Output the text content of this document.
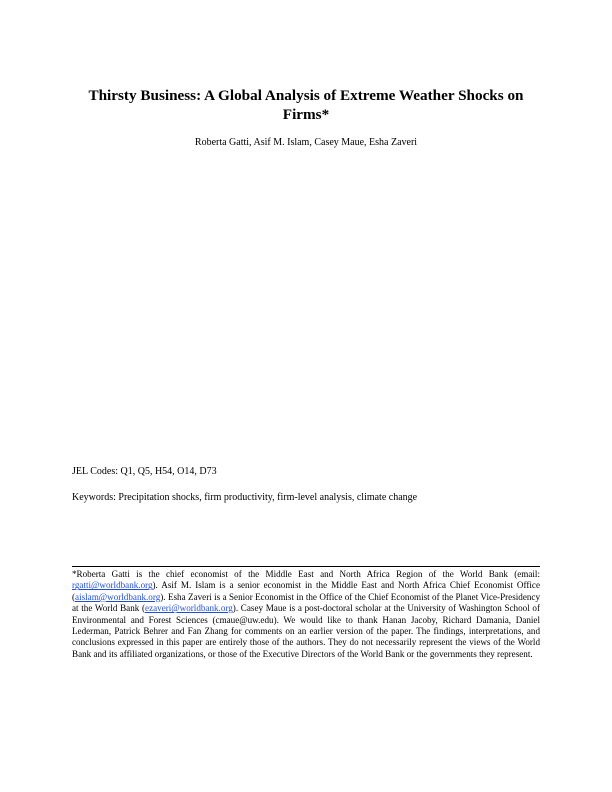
Thirsty Business: A Global Analysis of Extreme Weather Shocks on Firms*

Roberta Gatti, Asif M. Islam, Casey Maue, Esha Zaveri

JEL Codes: Q1, Q5, H54, O14, D73

Keywords: Precipitation shocks, firm productivity, firm-level analysis, climate change

*Roberta Gatti is the chief economist of the Middle East and North Africa Region of the World Bank (email: rgatti@worldbank.org). Asif M. Islam is a senior economist in the Middle East and North Africa Chief Economist Office (aislam@worldbank.org). Esha Zaveri is a Senior Economist in the Office of the Chief Economist of the Planet Vice-Presidency at the World Bank (ezaveri@worldbank.org). Casey Maue is a post-doctoral scholar at the University of Washington School of Environmental and Forest Sciences (cmaue@uw.edu). We would like to thank Hanan Jacoby, Richard Damania, Daniel Lederman, Patrick Behrer and Fan Zhang for comments on an earlier version of the paper. The findings, interpretations, and conclusions expressed in this paper are entirely those of the authors. They do not necessarily represent the views of the World Bank and its affiliated organizations, or those of the Executive Directors of the World Bank or the governments they represent.
